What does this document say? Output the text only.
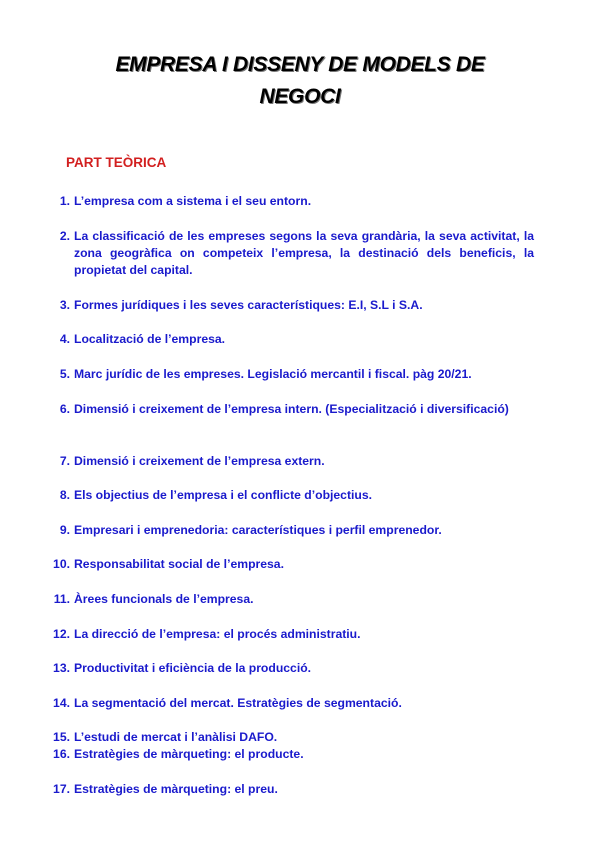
EMPRESA I DISSENY DE MODELS DE
NEGOCI
PART TEÒRICA
1. L’empresa com a sistema i el seu entorn.
2. La classificació de les empreses segons la seva grandària, la seva activitat, la zona geogràfica on competeix l’empresa, la destinació dels beneficis, la propietat del capital.
3. Formes jurídiques i les seves característiques: E.I, S.L i S.A.
4. Localització de l’empresa.
5. Marc jurídic de les empreses. Legislació mercantil i fiscal. pàg 20/21.
6. Dimensió i creixement de l’empresa intern. (Especialització i diversificació)
7. Dimensió i creixement de l’empresa extern.
8. Els objectius de l’empresa i el conflicte d’objectius.
9. Empresari i emprenedoria: característiques i perfil emprenedor.
10. Responsabilitat social de l’empresa.
11. Àrees funcionals de l’empresa.
12. La direcció de l’empresa: el procés administratiu.
13. Productivitat i eficiència de la producció.
14. La segmentació del mercat. Estratègies de segmentació.
15. L’estudi de mercat i l’anàlisi DAFO.
16. Estratègies de màrqueting: el producte.
17. Estratègies de màrqueting: el preu.
